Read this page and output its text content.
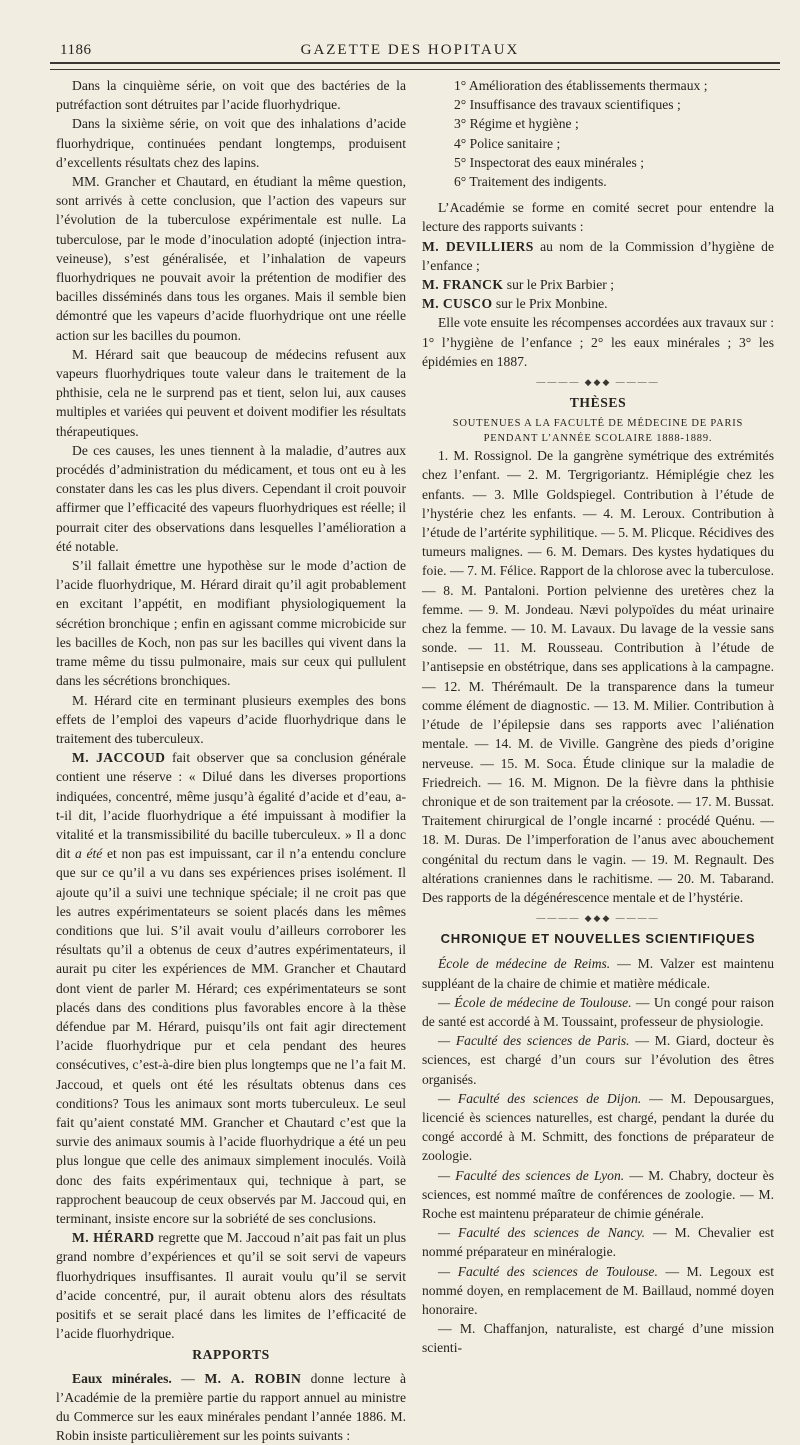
1186	GAZETTE DES HOPITAUX

Dans la cinquième série, on voit que des bactéries de la putréfaction sont détruites par l’acide fluorhydrique.

Dans la sixième série, on voit que des inhalations d’acide fluorhydrique, continuées pendant longtemps, produisent d’excellents résultats chez des lapins.

MM. Grancher et Chautard, en étudiant la même question, sont arrivés à cette conclusion, que l’action des vapeurs sur l’évolution de la tuberculose expérimentale est nulle. La tuberculose, par le mode d’inoculation adopté (injection intra-veineuse), s’est généralisée, et l’inhalation de vapeurs fluorhydriques ne pouvait avoir la prétention de modifier des bacilles disséminés dans tous les organes. Mais il semble bien démontré que les vapeurs d’acide fluorhydrique ont une réelle action sur les bacilles du poumon.

M. Hérard sait que beaucoup de médecins refusent aux vapeurs fluorhydriques toute valeur dans le traitement de la phthisie, cela ne le surprend pas et tient, selon lui, aux causes multiples et variées qui peuvent et doivent modifier les résultats thérapeutiques.

De ces causes, les unes tiennent à la maladie, d’autres aux procédés d’administration du médicament, et tous ont eu à les constater dans les cas les plus divers. Cependant il croit pouvoir affirmer que l’efficacité des vapeurs fluorhydriques est réelle; il pourrait citer des observations dans lesquelles l’amélioration a été notable.

S’il fallait émettre une hypothèse sur le mode d’action de l’acide fluorhydrique, M. Hérard dirait qu’il agit probablement en excitant l’appétit, en modifiant physiologiquement la sécrétion bronchique ; enfin en agissant comme microbicide sur les bacilles de Koch, non pas sur les bacilles qui vivent dans la trame même du tissu pulmonaire, mais sur ceux qui pullulent dans les sécrétions bronchiques.

M. Hérard cite en terminant plusieurs exemples des bons effets de l’emploi des vapeurs d’acide fluorhydrique dans le traitement des tuberculeux.

M. JACCOUD fait observer que sa conclusion générale contient une réserve : « Dilué dans les diverses proportions indiquées, concentré, même jusqu’à égalité d’acide et d’eau, a-t-il dit, l’acide fluorhydrique a été impuissant à modifier la vitalité et la transmissibilité du bacille tuberculeux. » Il a donc dit a été et non pas est impuissant, car il n’a entendu conclure que sur ce qu’il a vu dans ses expériences prises isolément. Il ajoute qu’il a suivi une technique spéciale; il ne croit pas que les autres expérimentateurs se soient placés dans les mêmes conditions que lui. S’il avait voulu d’ailleurs corroborer les résultats qu’il a obtenus de ceux d’autres expérimentateurs, il aurait pu citer les expériences de MM. Grancher et Chautard dont vient de parler M. Hérard; ces expérimentateurs se sont placés dans des conditions plus favorables encore à la thèse défendue par M. Hérard, puisqu’ils ont fait agir directement l’acide fluorhydrique pur et cela pendant des heures consécutives, c’est-à-dire bien plus longtemps que ne l’a fait M. Jaccoud, et quels ont été les résultats obtenus dans ces conditions? Tous les animaux sont morts tuberculeux. Le seul fait qu’aient constaté MM. Grancher et Chautard c’est que la survie des animaux soumis à l’acide fluorhydrique a été un peu plus longue que celle des animaux simplement inoculés. Voilà donc des faits expérimentaux qui, technique à part, se rapprochent beaucoup de ceux observés par M. Jaccoud qui, en terminant, insiste encore sur la sobriété de ses conclusions.

M. HÉRARD regrette que M. Jaccoud n’ait pas fait un plus grand nombre d’expériences et qu’il se soit servi de vapeurs fluorhydriques insuffisantes. Il aurait voulu qu’il se servit d’acide concentré, pur, il aurait obtenu alors des résultats positifs et se serait placé dans les limites de l’efficacité de l’acide fluorhydrique.

RAPPORTS

Eaux minérales. — M. A. ROBIN donne lecture à l’Académie de la première partie du rapport annuel au ministre du Commerce sur les eaux minérales pendant l’année 1886. M. Robin insiste particulièrement sur les points suivants :

1° Amélioration des établissements thermaux ;

2° Insuffisance des travaux scientifiques ;

3° Régime et hygiène ;

4° Police sanitaire ;

5° Inspectorat des eaux minérales ;

6° Traitement des indigents.

L’Académie se forme en comité secret pour entendre la lecture des rapports suivants :

M. DEVILLIERS au nom de la Commission d’hygiène de l’enfance ;

M. FRANCK sur le Prix Barbier ;

M. CUSCO sur le Prix Monbine.

Elle vote ensuite les récompenses accordées aux travaux sur : 1° l’hygiène de l’enfance ; 2° les eaux minérales ; 3° les épidémies en 1887.

———— ◆◆◆ ————
THÈSES
SOUTENUES A LA FACULTÉ DE MÉDECINE DE PARIS
PENDANT L’ANNÉE SCOLAIRE 1888-1889.

1. M. Rossignol. De la gangrène symétrique des extrémités chez l’enfant. — 2. M. Tergrigoriantz. Hémiplégie chez les enfants. — 3. Mlle Goldspiegel. Contribution à l’étude de l’hystérie chez les enfants. — 4. M. Leroux. Contribution à l’étude de l’artérite syphilitique. — 5. M. Plicque. Récidives des tumeurs malignes. — 6. M. Demars. Des kystes hydatiques du foie. — 7. M. Félice. Rapport de la chlorose avec la tuberculose. — 8. M. Pantaloni. Portion pelvienne des uretères chez la femme. — 9. M. Jondeau. Nævi polypoïdes du méat urinaire chez la femme. — 10. M. Lavaux. Du lavage de la vessie sans sonde. — 11. M. Rousseau. Contribution à l’étude de l’antisepsie en obstétrique, dans ses applications à la campagne. — 12. M. Thérémault. De la transparence dans la tumeur comme élément de diagnostic. — 13. M. Milier. Contribution à l’étude de l’épilepsie dans ses rapports avec l’aliénation mentale. — 14. M. de Viville. Gangrène des pieds d’origine nerveuse. — 15. M. Soca. Étude clinique sur la maladie de Friedreich. — 16. M. Mignon. De la fièvre dans la phthisie chronique et de son traitement par la créosote. — 17. M. Bussat. Traitement chirurgical de l’ongle incarné : procédé Quénu. — 18. M. Duras. De l’imperforation de l’anus avec abouchement congénital du rectum dans le vagin. — 19. M. Regnault. Des altérations craniennes dans le rachitisme. — 20. M. Tabarand. Des rapports de la dégénérescence mentale et de l’hystérie.

———— ◆◆◆ ————
CHRONIQUE ET NOUVELLES SCIENTIFIQUES

École de médecine de Reims. — M. Valzer est maintenu suppléant de la chaire de chimie et matière médicale.

— École de médecine de Toulouse. — Un congé pour raison de santé est accordé à M. Toussaint, professeur de physiologie.

— Faculté des sciences de Paris. — M. Giard, docteur ès sciences, est chargé d’un cours sur l’évolution des êtres organisés.

— Faculté des sciences de Dijon. — M. Depousargues, licencié ès sciences naturelles, est chargé, pendant la durée du congé accordé à M. Schmitt, des fonctions de préparateur de zoologie.

— Faculté des sciences de Lyon. — M. Chabry, docteur ès sciences, est nommé maître de conférences de zoologie. — M. Roche est maintenu préparateur de chimie générale.

— Faculté des sciences de Nancy. — M. Chevalier est nommé préparateur en minéralogie.

— Faculté des sciences de Toulouse. — M. Legoux est nommé doyen, en remplacement de M. Baillaud, nommé doyen honoraire.

— M. Chaffanjon, naturaliste, est chargé d’une mission scienti-
